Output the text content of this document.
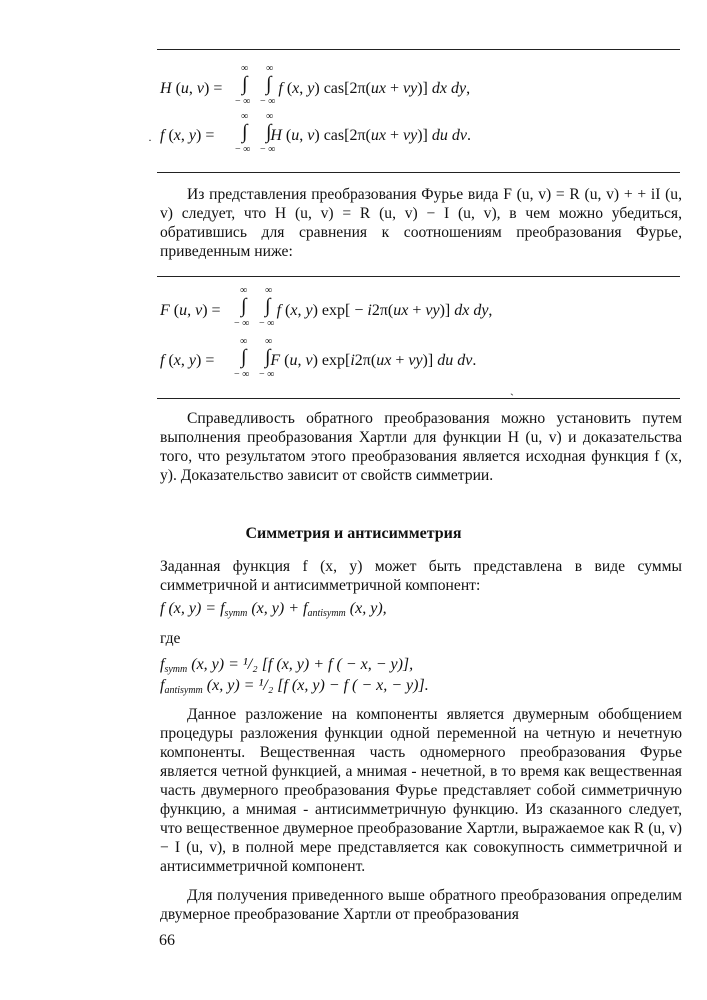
H (u, v) =	f (x, y) cas[2π(ux + vy)] dx dy,
f (x, y) =	H (u, v) cas[2π(ux + vy)] du dv.
∞ ∞
∫ ∫
− ∞ − ∞
∞ ∞
∫ ∫
− ∞ − ∞

Из представления преобразования Фурье вида F (u, v) = R (u, v) + + iI (u, v) следует, что H (u, v) = R (u, v) − I (u, v), в чем можно убедиться, обратившись для сравнения к соотношениям преобразования Фурье, приведенным ниже:

F (u, v) =	f (x, y) exp[ − i2π(ux + vy)] dx dy,
f (x, y) =	F (u, v) exp[i2π(ux + vy)] du dv.
∞ ∞
∫ ∫
− ∞ − ∞
∞ ∞
∫ ∫
− ∞ − ∞

Справедливость обратного преобразования можно установить путем выполнения преобразования Хартли для функции H (u, v) и доказательства того, что результатом этого преобразования является исходная функция f (x, y). Доказательство зависит от свойств симметрии.

Симметрия и антисимметрия

Заданная функция f (x, y) может быть представлена в виде суммы симметричной и антисимметричной компонент:

f (x, $y) = f_{symm}$ (x, $y) + f_{antisymm}$ (x, y),
где
$f_{symm}$ (x, y) = ¹/₂ [f (x, y) + f ( − x, − y)],
$f_{antisymm}$ (x, y) = ¹/₂ [f (x, y) − f ( − x, − y)].

Данное разложение на компоненты является двумерным обобщением процедуры разложения функции одной переменной на четную и нечетную компоненты. Вещественная часть одномерного преобразования Фурье является четной функцией, а мнимая - нечетной, в то время как вещественная часть двумерного преобразования Фурье представляет собой симметричную функцию, а мнимая - антисимметричную функцию. Из сказанного следует, что вещественное двумерное преобразование Хартли, выражаемое как R (u, v) − I (u, v), в полной мере представляется как совокупность симметричной и антисимметричной компонент.

Для получения приведенного выше обратного преобразования определим двумерное преобразование Хартли от преобразования

66
·
ˏ
